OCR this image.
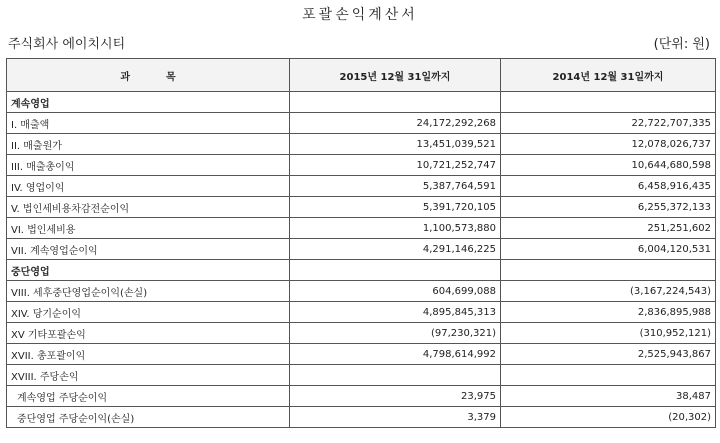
포괄손익계산서
주식회사 에이치시티	(단위: 원)
과 목	2015년 12월 31일까지	2014년 12월 31일까지
계속영업		
I. 매출액	24,172,292,268	22,722,707,335
II. 매출원가	13,451,039,521	12,078,026,737
III. 매출총이익	10,721,252,747	10,644,680,598
IV. 영업이익	5,387,764,591	6,458,916,435
V. 법인세비용차감전순이익	5,391,720,105	6,255,372,133
VI. 법인세비용	1,100,573,880	251,251,602
VII. 계속영업순이익	4,291,146,225	6,004,120,531
중단영업		
VIII. 세후중단영업순이익(손실)	604,699,088	(3,167,224,543)
XIV. 당기순이익	4,895,845,313	2,836,895,988
XV 기타포괄손익	(97,230,321)	(310,952,121)
XVII. 총포괄이익	4,798,614,992	2,525,943,867
XVIII. 주당손익		
계속영업 주당순이익	23,975	38,487
중단영업 주당순이익(손실)	3,379	(20,302)
